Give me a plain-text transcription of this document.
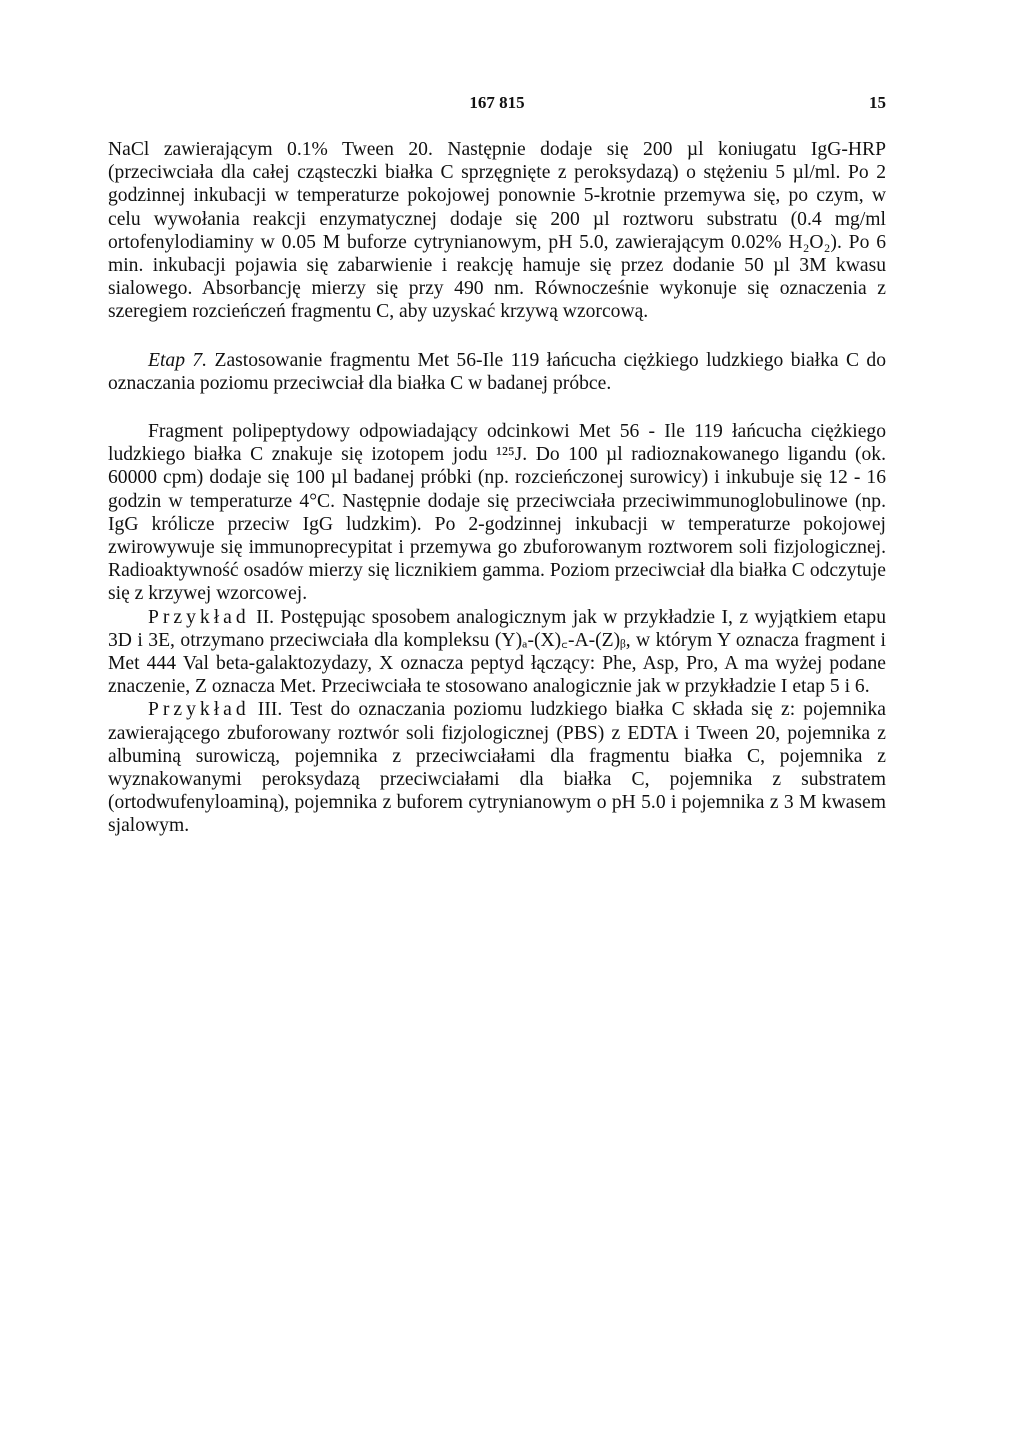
167 815	15

NaCl zawierającym 0.1% Tween 20. Następnie dodaje się 200 µl koniugatu IgG-HRP (przeciwciała dla całej cząsteczki białka C sprzęgnięte z peroksydazą) o stężeniu 5 µl/ml. Po 2 godzinnej inkubacji w temperaturze pokojowej ponownie 5-krotnie przemywa się, po czym, w celu wywołania reakcji enzymatycznej dodaje się 200 µl roztworu substratu (0.4 mg/ml ortofenylodiaminy w 0.05 M buforze cytrynianowym, pH 5.0, zawierającym 0.02% H₂O₂). Po 6 min. inkubacji pojawia się zabarwienie i reakcję hamuje się przez dodanie 50 µl 3M kwasu sialowego. Absorbancję mierzy się przy 490 nm. Równocześnie wykonuje się oznaczenia z szeregiem rozcieńczeń fragmentu C, aby uzyskać krzywą wzorcową.

Etap 7. Zastosowanie fragmentu Met 56-Ile 119 łańcucha ciężkiego ludzkiego białka C do oznaczania poziomu przeciwciał dla białka C w badanej próbce.

Fragment polipeptydowy odpowiadający odcinkowi Met 56 - Ile 119 łańcucha ciężkiego ludzkiego białka C znakuje się izotopem jodu ¹²⁵J. Do 100 µl radioznakowanego ligandu (ok. 60000 cpm) dodaje się 100 µl badanej próbki (np. rozcieńczonej surowicy) i inkubuje się 12 - 16 godzin w temperaturze 4°C. Następnie dodaje się przeciwciała przeciwimmunoglobulinowe (np. IgG królicze przeciw IgG ludzkim). Po 2-godzinnej inkubacji w temperaturze pokojowej zwirowywuje się immunoprecypitat i przemywa go zbuforowanym roztworem soli fizjologicznej. Radioaktywność osadów mierzy się licznikiem gamma. Poziom przeciwciał dla białka C odczytuje się z krzywej wzorcowej.

Przykład II. Postępując sposobem analogicznym jak w przykładzie I, z wyjątkiem etapu 3D i 3E, otrzymano przeciwciała dla kompleksu (Y)ₐ-(X)꜀-A-(Z)ᵦ, w którym Y oznacza fragment i Met 444 Val beta-galaktozydazy, X oznacza peptyd łączący: Phe, Asp, Pro, A ma wyżej podane znaczenie, Z oznacza Met. Przeciwciała te stosowano analogicznie jak w przykładzie I etap 5 i 6.

Przykład III. Test do oznaczania poziomu ludzkiego białka C składa się z: pojemnika zawierającego zbuforowany roztwór soli fizjologicznej (PBS) z EDTA i Tween 20, pojemnika z albuminą surowiczą, pojemnika z przeciwciałami dla fragmentu białka C, pojemnika z wyznakowanymi peroksydazą przeciwciałami dla białka C, pojemnika z substratem (ortodwufenyloaminą), pojemnika z buforem cytrynianowym o pH 5.0 i pojemnika z 3 M kwasem sjalowym.
